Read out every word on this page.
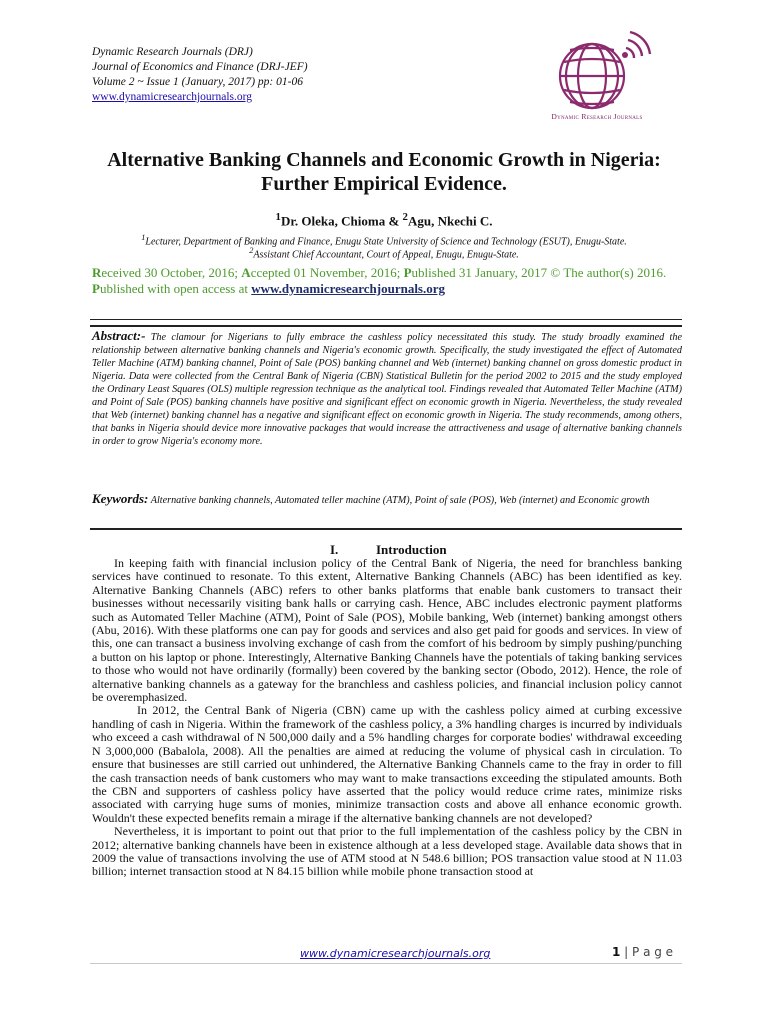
Dynamic Research Journals (DRJ)
Journal of Economics and Finance (DRJ-JEF)
Volume 2 ~ Issue 1 (January, 2017) pp: 01-06
www.dynamicresearchjournals.org
Dynamic Research Journals
Alternative Banking Channels and Economic Growth in Nigeria:
Further Empirical Evidence.
$^1$Dr. Oleka, Chioma & $^2$Agu, Nkechi C.
$^1$Lecturer, Department of Banking and Finance, Enugu State University of Science and Technology (ESUT), Enugu-State.
$^2$Assistant Chief Accountant, Court of Appeal, Enugu, Enugu-State.
Received 30 October, 2016; Accepted 01 November, 2016; Published 31 January, 2017 © The author(s) 2016. Published with open access at www.dynamicresearchjournals.org
Abstract:- The clamour for Nigerians to fully embrace the cashless policy necessitated this study. The study broadly examined the relationship between alternative banking channels and Nigeria's economic growth. Specifically, the study investigated the effect of Automated Teller Machine (ATM) banking channel, Point of Sale (POS) banking channel and Web (internet) banking channel on gross domestic product in Nigeria. Data were collected from the Central Bank of Nigeria (CBN) Statistical Bulletin for the period 2002 to 2015 and the study employed the Ordinary Least Squares (OLS) multiple regression technique as the analytical tool. Findings revealed that Automated Teller Machine (ATM) and Point of Sale (POS) banking channels have positive and significant effect on economic growth in Nigeria. Nevertheless, the study revealed that Web (internet) banking channel has a negative and significant effect on economic growth in Nigeria. The study recommends, among others, that banks in Nigeria should device more innovative packages that would increase the attractiveness and usage of alternative banking channels in order to grow Nigeria's economy more.
Keywords: Alternative banking channels, Automated teller machine (ATM), Point of sale (POS), Web (internet) and Economic growth
I.	Introduction

In keeping faith with financial inclusion policy of the Central Bank of Nigeria, the need for branchless banking services have continued to resonate. To this extent, Alternative Banking Channels (ABC) has been identified as key. Alternative Banking Channels (ABC) refers to other banks platforms that enable bank customers to transact their businesses without necessarily visiting bank halls or carrying cash. Hence, ABC includes electronic payment platforms such as Automated Teller Machine (ATM), Point of Sale (POS), Mobile banking, Web (internet) banking amongst others (Abu, 2016). With these platforms one can pay for goods and services and also get paid for goods and services. In view of this, one can transact a business involving exchange of cash from the comfort of his bedroom by simply pushing/punching a button on his laptop or phone. Interestingly, Alternative Banking Channels have the potentials of taking banking services to those who would not have ordinarily (formally) been covered by the banking sector (Obodo, 2012). Hence, the role of alternative banking channels as a gateway for the branchless and cashless policies, and financial inclusion policy cannot be overemphasized.

In 2012, the Central Bank of Nigeria (CBN) came up with the cashless policy aimed at curbing excessive handling of cash in Nigeria. Within the framework of the cashless policy, a 3% handling charges is incurred by individuals who exceed a cash withdrawal of N 500,000 daily and a 5% handling charges for corporate bodies' withdrawal exceeding N 3,000,000 (Babalola, 2008). All the penalties are aimed at reducing the volume of physical cash in circulation. To ensure that businesses are still carried out unhindered, the Alternative Banking Channels came to the fray in order to fill the cash transaction needs of bank customers who may want to make transactions exceeding the stipulated amounts. Both the CBN and supporters of cashless policy have asserted that the policy would reduce crime rates, minimize risks associated with carrying huge sums of monies, minimize transaction costs and above all enhance economic growth. Wouldn't these expected benefits remain a mirage if the alternative banking channels are not developed?

Nevertheless, it is important to point out that prior to the full implementation of the cashless policy by the CBN in 2012; alternative banking channels have been in existence although at a less developed stage. Available data shows that in 2009 the value of transactions involving the use of ATM stood at N 548.6 billion; POS transaction value stood at N 11.03 billion; internet transaction stood at N 84.15 billion while mobile phone transaction stood at

www.dynamicresearchjournals.org	1 | P a g e
